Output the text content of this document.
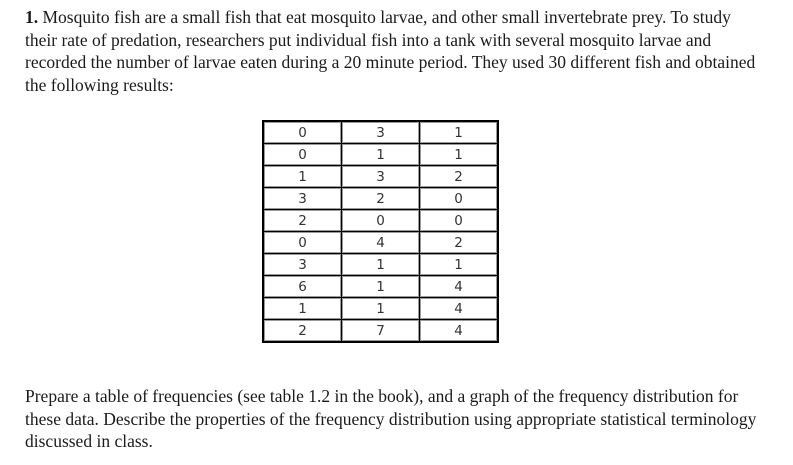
1. Mosquito fish are a small fish that eat mosquito larvae, and other small invertebrate prey. To study their rate of predation, researchers put individual fish into a tank with several mosquito larvae and recorded the number of larvae eaten during a 20 minute period. They used 30 different fish and obtained the following results:
0	3	1
0	1	1
1	3	2
3	2	0
2	0	0
0	4	2
3	1	1
6	1	4
1	1	4
2	7	4
Prepare a table of frequencies (see table 1.2 in the book), and a graph of the frequency distribution for these data. Describe the properties of the frequency distribution using appropriate statistical terminology discussed in class.
